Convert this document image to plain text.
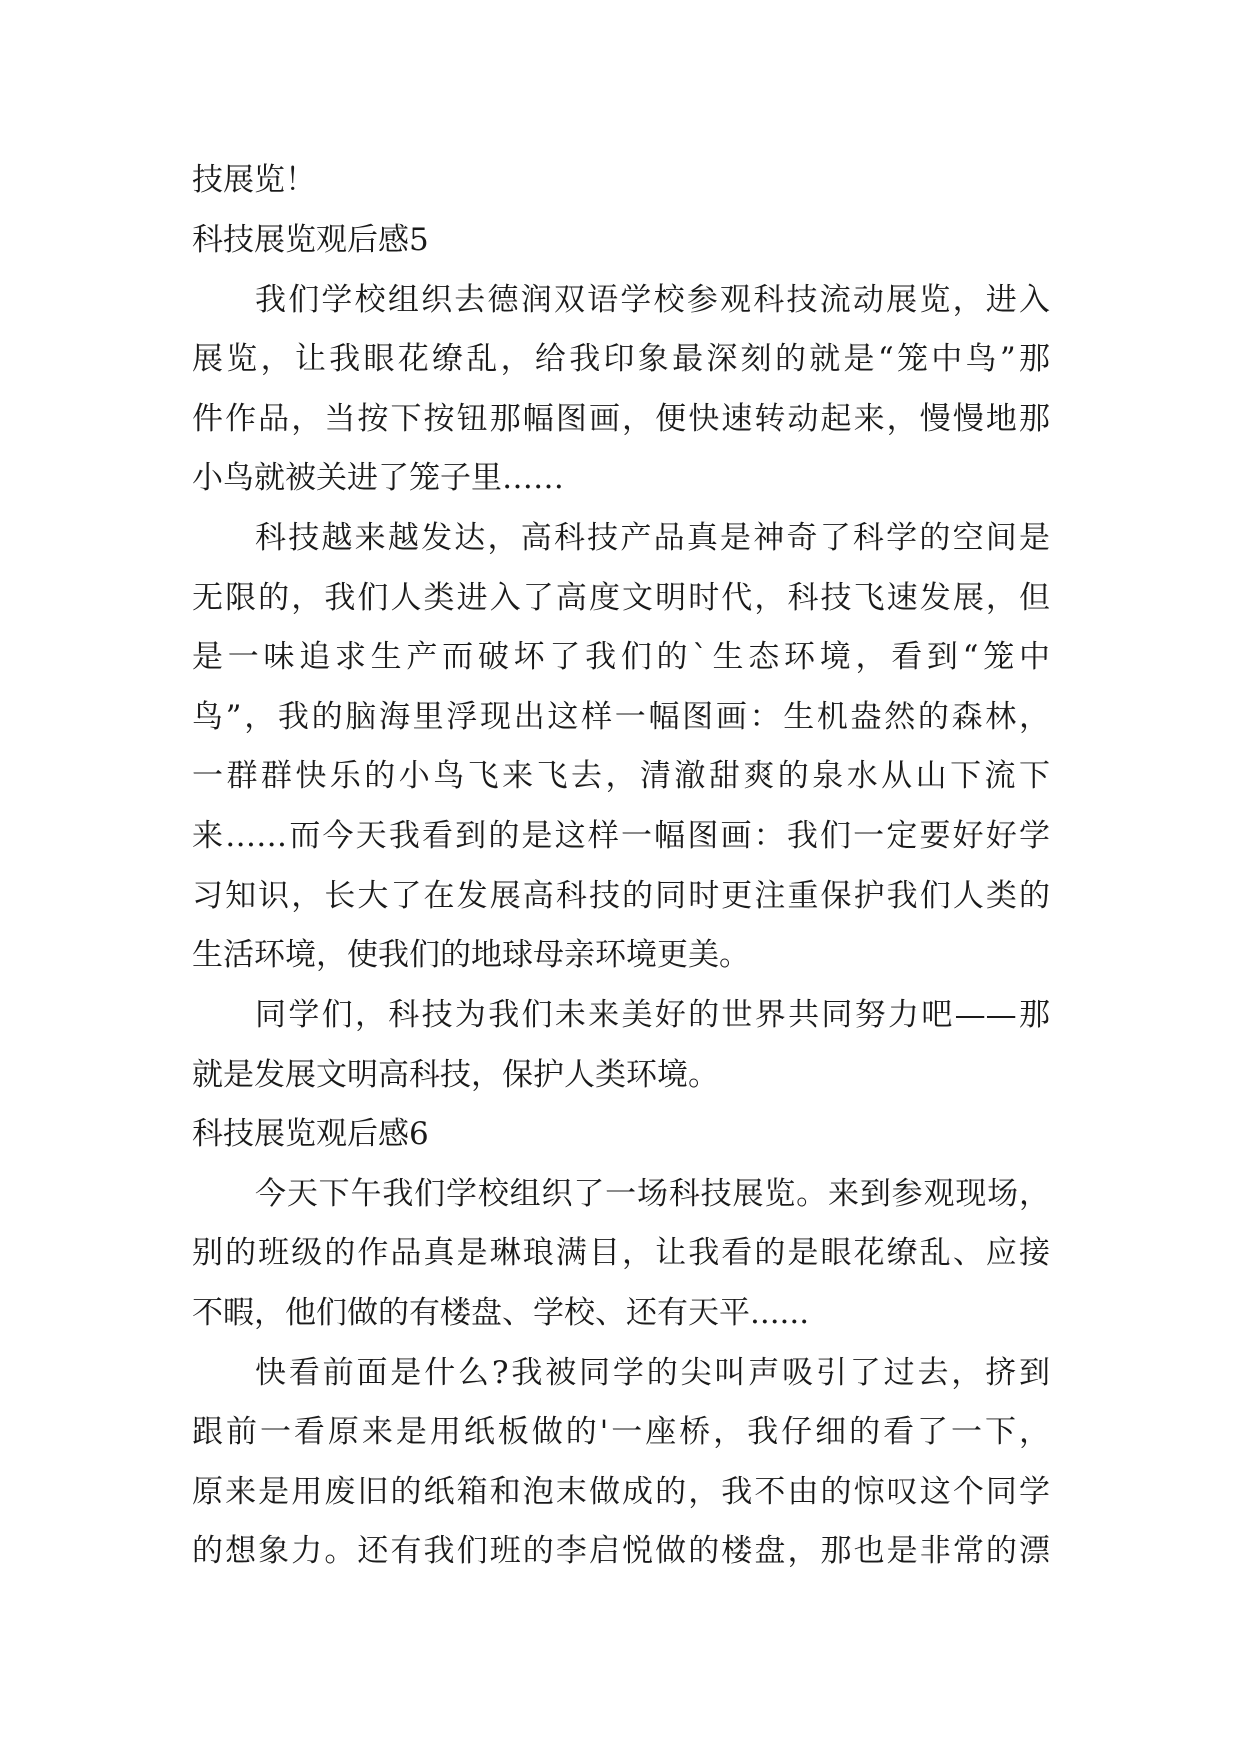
技展览！
科技展览观后感5
我们学校组织去德润双语学校参观科技流动展览，进入
展览，让我眼花缭乱，给我印象最深刻的就是“笼中鸟”那
件作品，当按下按钮那幅图画，便快速转动起来，慢慢地那
小鸟就被关进了笼子里……
科技越来越发达，高科技产品真是神奇了科学的空间是
无限的，我们人类进入了高度文明时代，科技飞速发展，但
是一味追求生产而破坏了我们的`生态环境，看到“笼中
鸟”，我的脑海里浮现出这样一幅图画：生机盎然的森林，
一群群快乐的小鸟飞来飞去，清澈甜爽的泉水从山下流下
来……而今天我看到的是这样一幅图画：我们一定要好好学
习知识，长大了在发展高科技的同时更注重保护我们人类的
生活环境，使我们的地球母亲环境更美。
同学们，科技为我们未来美好的世界共同努力吧——那
就是发展文明高科技，保护人类环境。
科技展览观后感6
今天下午我们学校组织了一场科技展览。来到参观现场，
别的班级的作品真是琳琅满目，让我看的是眼花缭乱、应接
不暇，他们做的有楼盘、学校、还有天平......
快看前面是什么?我被同学的尖叫声吸引了过去，挤到
跟前一看原来是用纸板做的'一座桥，我仔细的看了一下，
原来是用废旧的纸箱和泡末做成的，我不由的惊叹这个同学
的想象力。还有我们班的李启悦做的楼盘，那也是非常的漂
